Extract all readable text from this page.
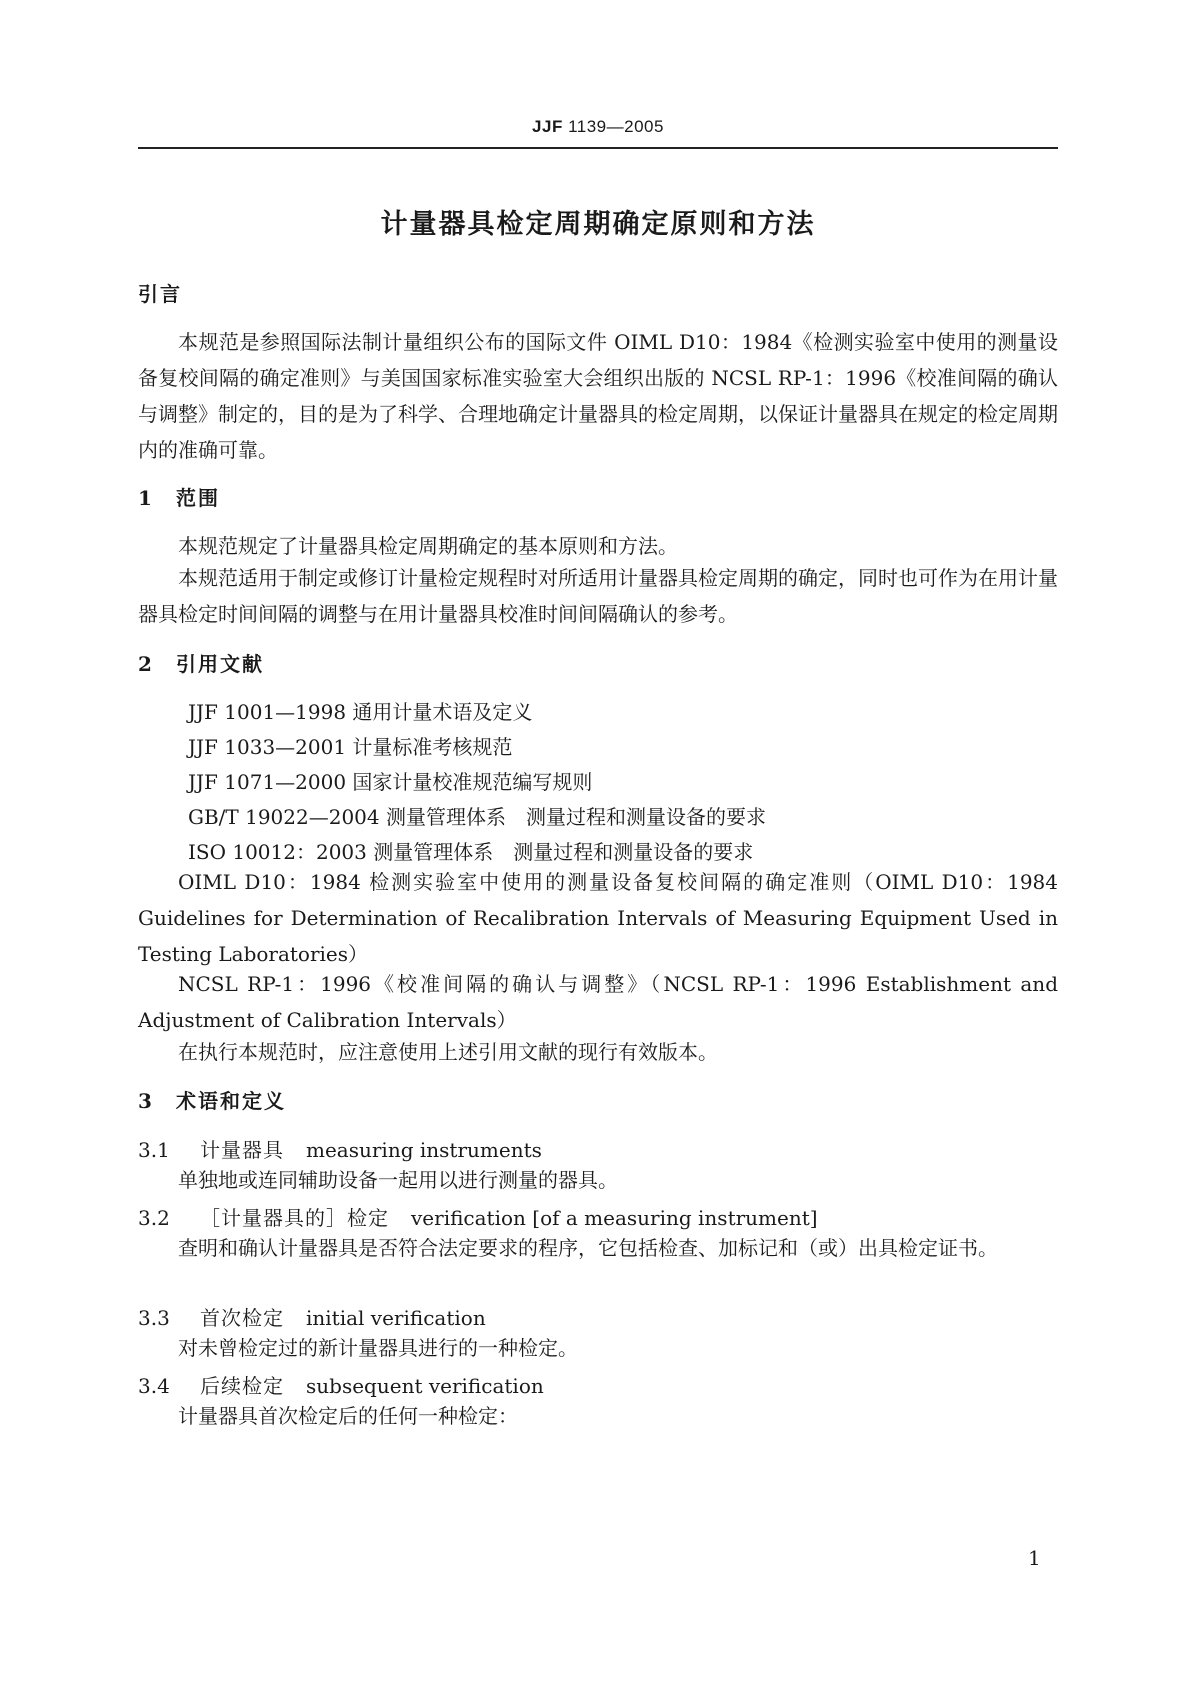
JJF 1139—2005
计量器具检定周期确定原则和方法
引言
本规范是参照国际法制计量组织公布的国际文件 OIML D10：1984《检测实验室中使用的测量设备复校间隔的确定准则》与美国国家标准实验室大会组织出版的 NCSL RP-1：1996《校准间隔的确认与调整》制定的，目的是为了科学、合理地确定计量器具的检定周期，以保证计量器具在规定的检定周期内的准确可靠。
1 范围
本规范规定了计量器具检定周期确定的基本原则和方法。
本规范适用于制定或修订计量检定规程时对所适用计量器具检定周期的确定，同时也可作为在用计量器具检定时间间隔的调整与在用计量器具校准时间间隔确认的参考。
2 引用文献
JJF 1001—1998 通用计量术语及定义
JJF 1033—2001 计量标准考核规范
JJF 1071—2000 国家计量校准规范编写规则
GB/T 19022—2004 测量管理体系　测量过程和测量设备的要求
ISO 10012：2003 测量管理体系　测量过程和测量设备的要求
OIML D10：1984 检测实验室中使用的测量设备复校间隔的确定准则（OIML D10：1984 Guidelines for Determination of Recalibration Intervals of Measuring Equipment Used in Testing Laboratories）
NCSL RP-1：1996《校准间隔的确认与调整》（NCSL RP-1：1996 Establishment and Adjustment of Calibration Intervals）
在执行本规范时，应注意使用上述引用文献的现行有效版本。
3 术语和定义
3.1 计量器具 measuring instruments
单独地或连同辅助设备一起用以进行测量的器具。
3.2 ［计量器具的］检定 verification [of a measuring instrument]
查明和确认计量器具是否符合法定要求的程序，它包括检查、加标记和（或）出具检定证书。
3.3 首次检定 initial verification
对未曾检定过的新计量器具进行的一种检定。
3.4 后续检定 subsequent verification
计量器具首次检定后的任何一种检定：
1
